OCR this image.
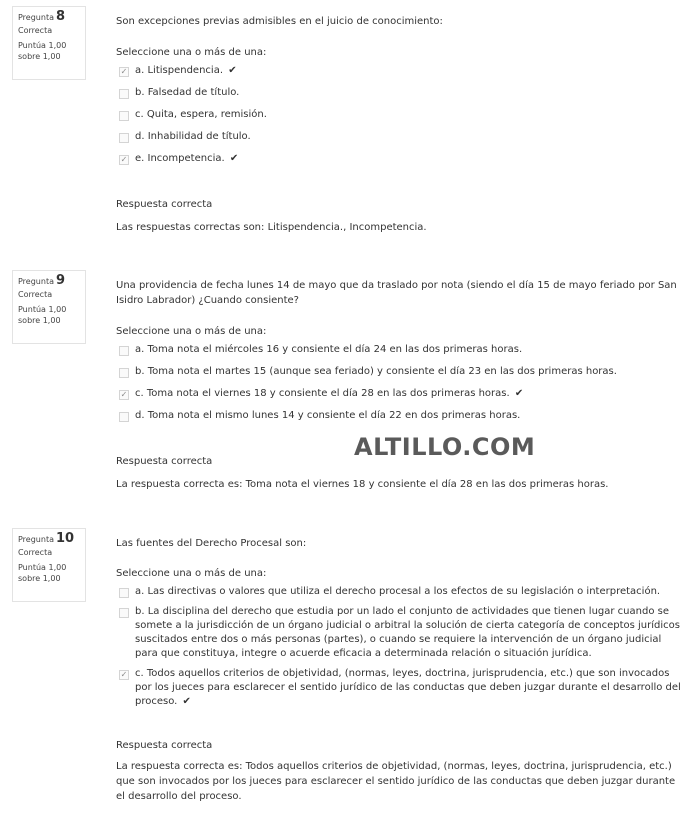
Pregunta 8
Correcta
Puntúa 1,00 sobre 1,00
Son excepciones previas admisibles en el juicio de conocimiento:
Seleccione una o más de una:
✓ a. Litispendencia. ✔
b. Falsedad de título.
c. Quita, espera, remisión.
d. Inhabilidad de título.
✓ e. Incompetencia. ✔
Respuesta correcta
Las respuestas correctas son: Litispendencia., Incompetencia.
Pregunta 9
Correcta
Puntúa 1,00 sobre 1,00
Una providencia de fecha lunes 14 de mayo que da traslado por nota (siendo el día 15 de mayo feriado por San Isidro Labrador) ¿Cuando consiente?
Seleccione una o más de una:
a. Toma nota el miércoles 16 y consiente el día 24 en las dos primeras horas.
b. Toma nota el martes 15 (aunque sea feriado) y consiente el día 23 en las dos primeras horas.
✓ c. Toma nota el viernes 18 y consiente el día 28 en las dos primeras horas. ✔
d. Toma nota el mismo lunes 14 y consiente el día 22 en dos primeras horas.
Respuesta correcta
La respuesta correcta es: Toma nota el viernes 18 y consiente el día 28 en las dos primeras horas.
ALTILLO.COM
Pregunta 10
Correcta
Puntúa 1,00 sobre 1,00
Las fuentes del Derecho Procesal son:
Seleccione una o más de una:
a. Las directivas o valores que utiliza el derecho procesal a los efectos de su legislación o interpretación.
b. La disciplina del derecho que estudia por un lado el conjunto de actividades que tienen lugar cuando se somete a la jurisdicción de un órgano judicial o arbitral la solución de cierta categoría de conceptos jurídicos suscitados entre dos o más personas (partes), o cuando se requiere la intervención de un órgano judicial para que constituya, integre o acuerde eficacia a determinada relación o situación jurídica.
✓ c. Todos aquellos criterios de objetividad, (normas, leyes, doctrina, jurisprudencia, etc.) que son invocados por los jueces para esclarecer el sentido jurídico de las conductas que deben juzgar durante el desarrollo del proceso. ✔
Respuesta correcta
La respuesta correcta es: Todos aquellos criterios de objetividad, (normas, leyes, doctrina, jurisprudencia, etc.) que son invocados por los jueces para esclarecer el sentido jurídico de las conductas que deben juzgar durante el desarrollo del proceso.
